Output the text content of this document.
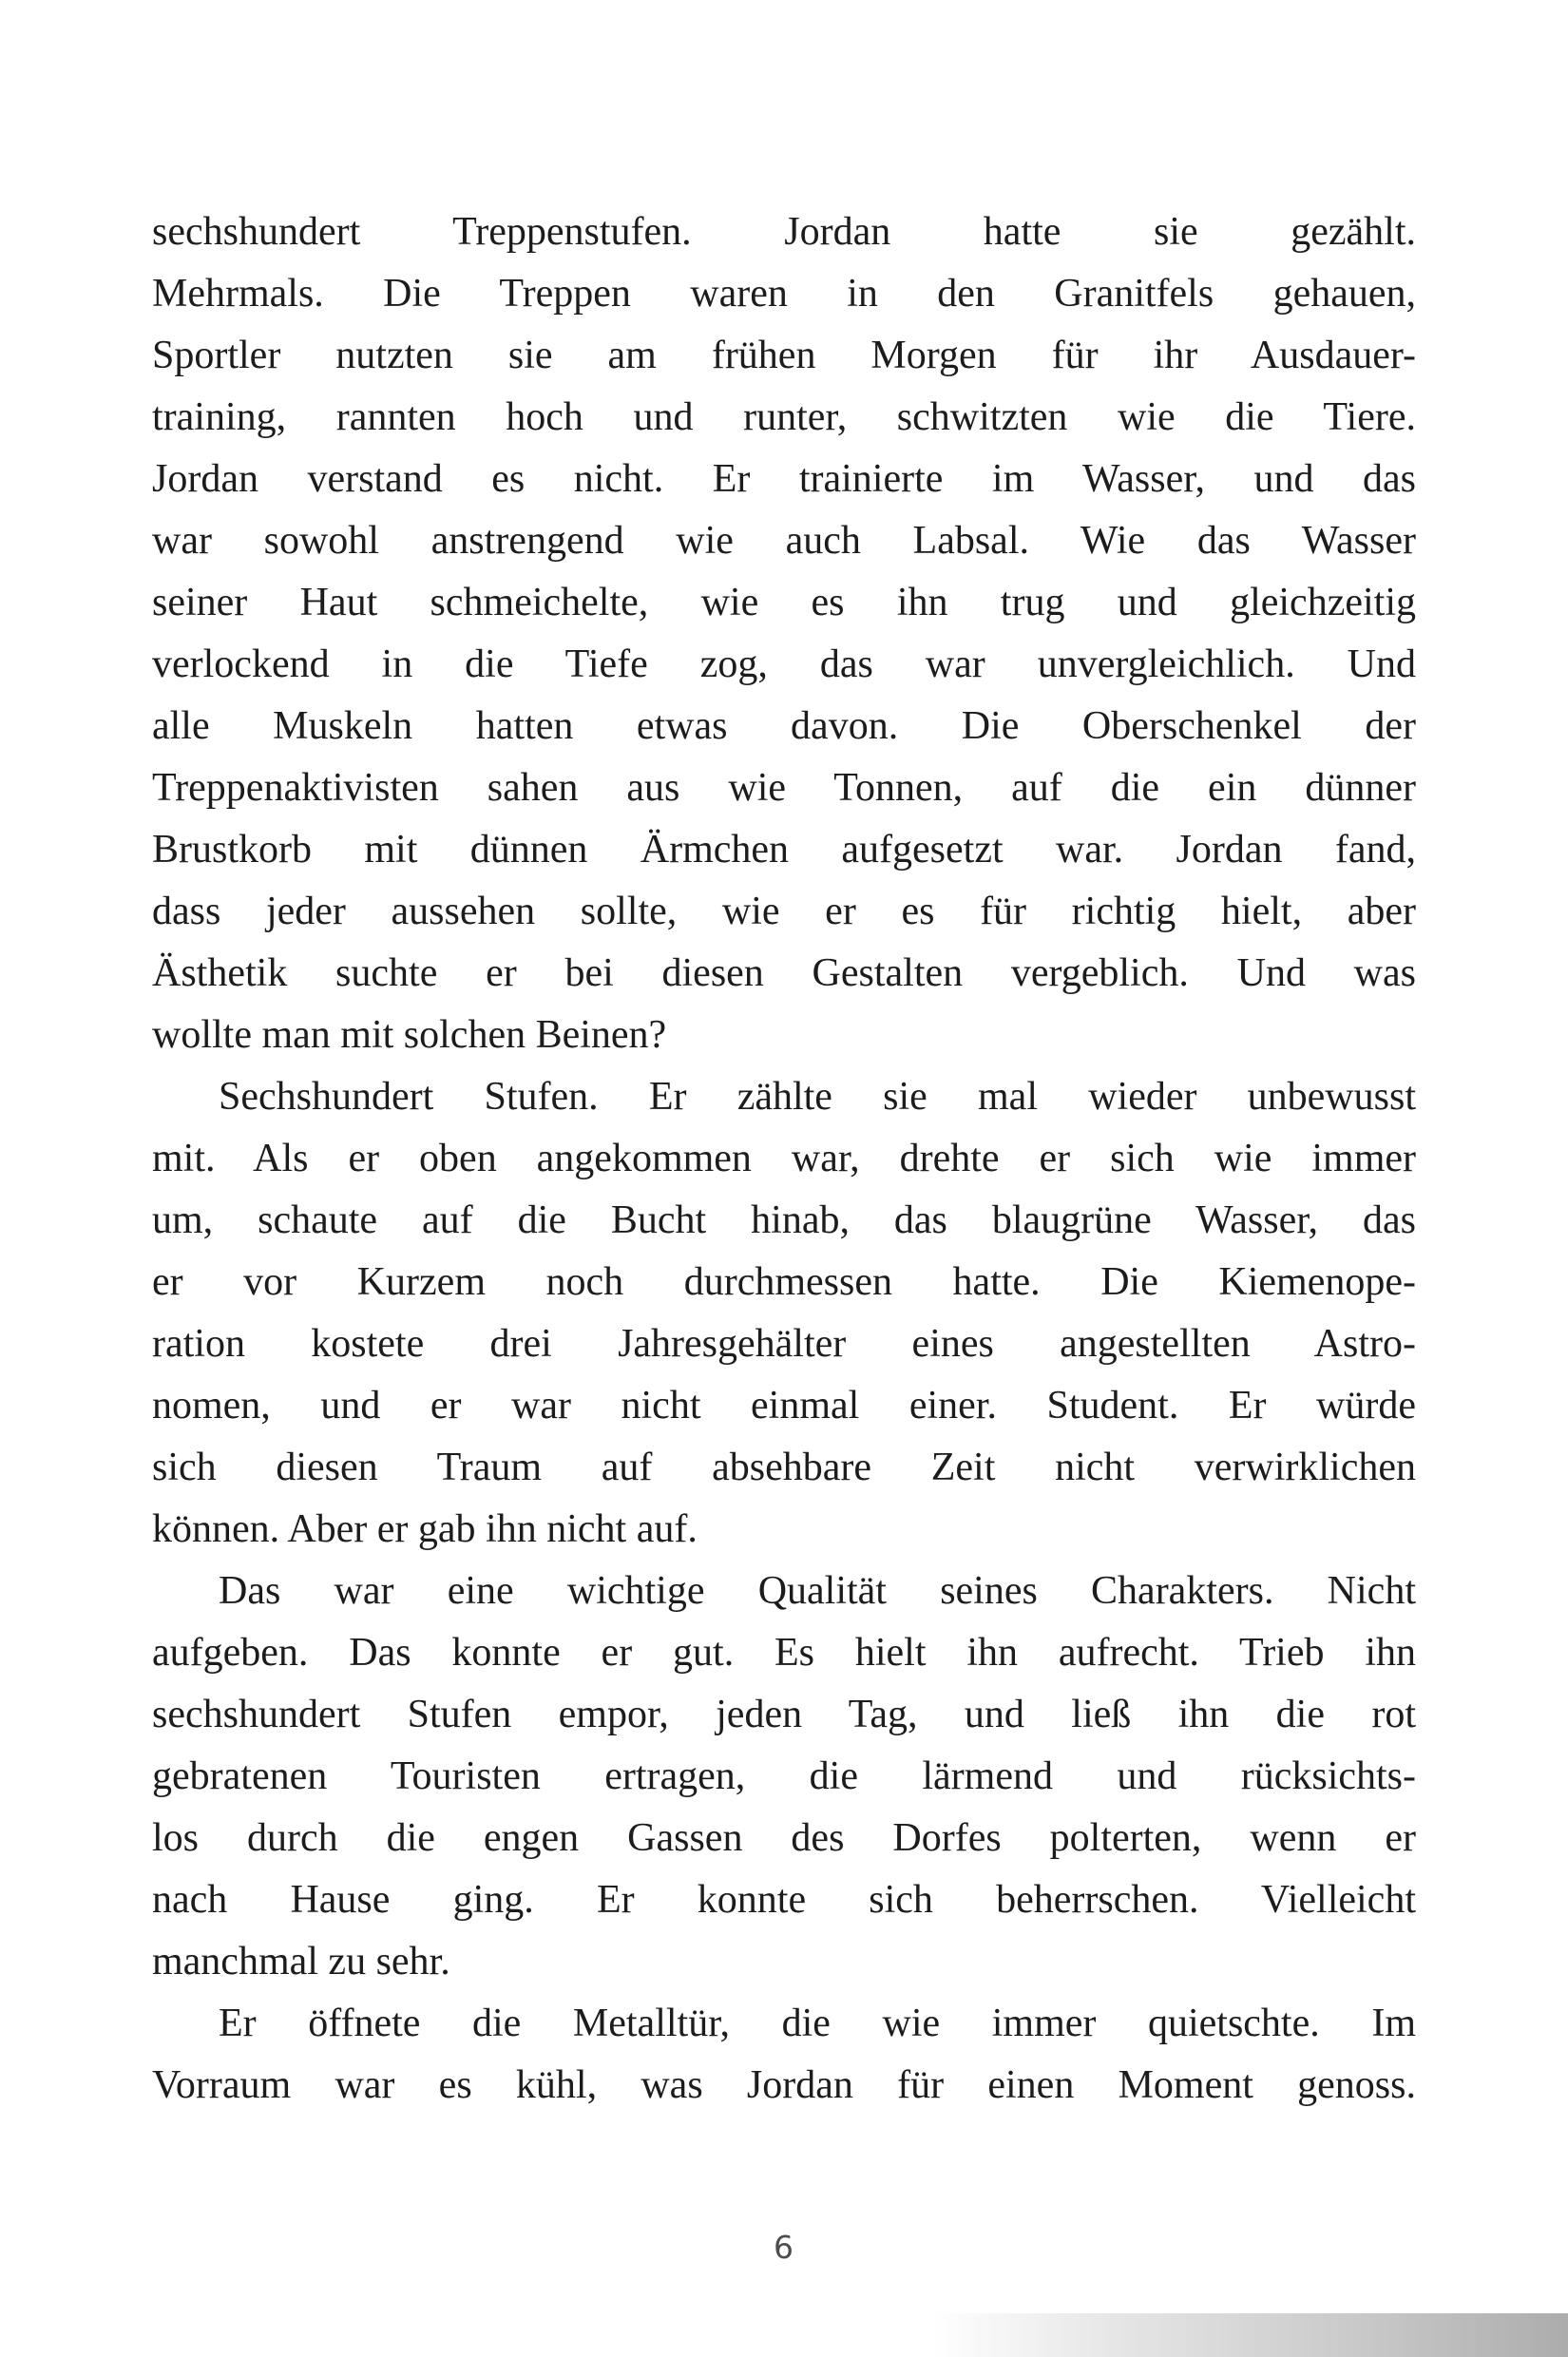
sechshundert Treppenstufen. Jordan hatte sie gezählt.
Mehrmals. Die Treppen waren in den Granitfels gehauen,
Sportler nutzten sie am frühen Morgen für ihr Ausdauer-
training, rannten hoch und runter, schwitzten wie die Tiere.
Jordan verstand es nicht. Er trainierte im Wasser, und das
war sowohl anstrengend wie auch Labsal. Wie das Wasser
seiner Haut schmeichelte, wie es ihn trug und gleichzeitig
verlockend in die Tiefe zog, das war unvergleichlich. Und
alle Muskeln hatten etwas davon. Die Oberschenkel der
Treppenaktivisten sahen aus wie Tonnen, auf die ein dünner
Brustkorb mit dünnen Ärmchen aufgesetzt war. Jordan fand,
dass jeder aussehen sollte, wie er es für richtig hielt, aber
Ästhetik suchte er bei diesen Gestalten vergeblich. Und was
wollte man mit solchen Beinen?
Sechshundert Stufen. Er zählte sie mal wieder unbewusst
mit. Als er oben angekommen war, drehte er sich wie immer
um, schaute auf die Bucht hinab, das blaugrüne Wasser, das
er vor Kurzem noch durchmessen hatte. Die Kiemenope-
ration kostete drei Jahresgehälter eines angestellten Astro-
nomen, und er war nicht einmal einer. Student. Er würde
sich diesen Traum auf absehbare Zeit nicht verwirklichen
können. Aber er gab ihn nicht auf.
Das war eine wichtige Qualität seines Charakters. Nicht
aufgeben. Das konnte er gut. Es hielt ihn aufrecht. Trieb ihn
sechshundert Stufen empor, jeden Tag, und ließ ihn die rot
gebratenen Touristen ertragen, die lärmend und rücksichts-
los durch die engen Gassen des Dorfes polterten, wenn er
nach Hause ging. Er konnte sich beherrschen. Vielleicht
manchmal zu sehr.
Er öffnete die Metalltür, die wie immer quietschte. Im
Vorraum war es kühl, was Jordan für einen Moment genoss.
6
